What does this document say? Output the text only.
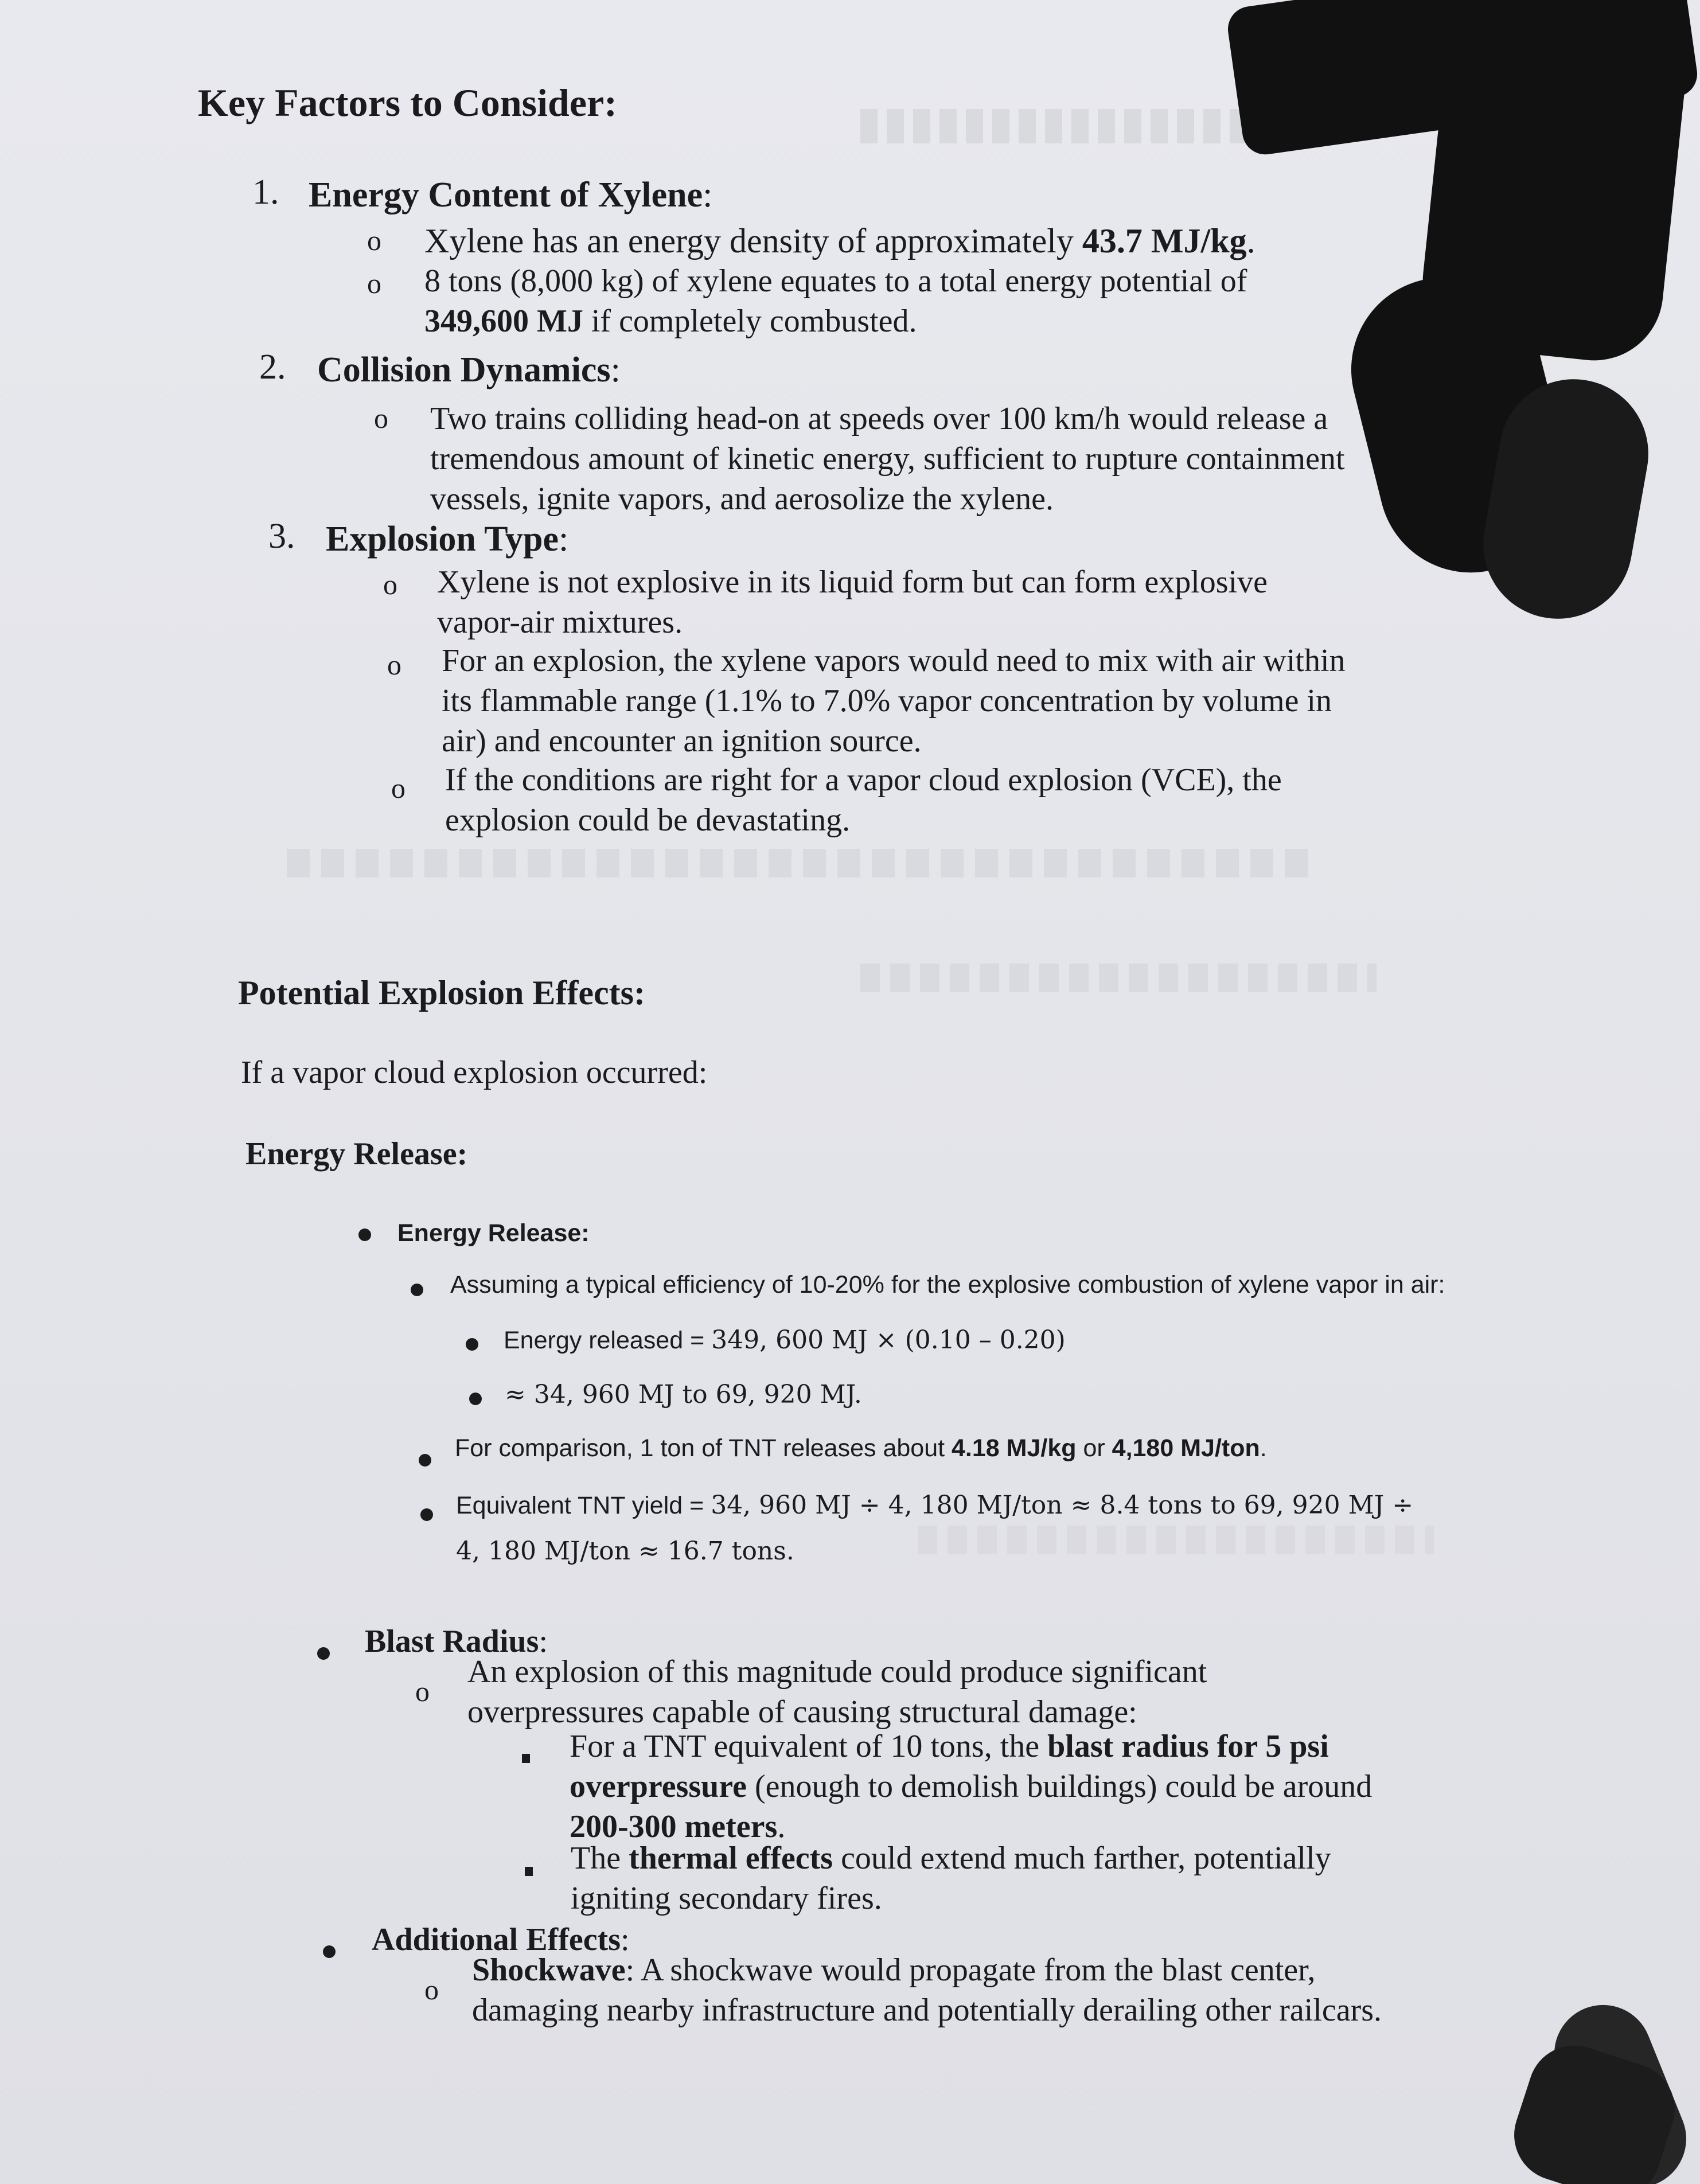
Key Factors to Consider:
1. Energy Content of Xylene:
o Xylene has an energy density of approximately 43.7 MJ/kg.
o 8 tons (8,000 kg) of xylene equates to a total energy potential of
349,600 MJ if completely combusted.
2. Collision Dynamics:
o Two trains colliding head-on at speeds over 100 km/h would release a
tremendous amount of kinetic energy, sufficient to rupture containment
vessels, ignite vapors, and aerosolize the xylene.
3. Explosion Type:
o Xylene is not explosive in its liquid form but can form explosive
vapor-air mixtures.
o For an explosion, the xylene vapors would need to mix with air within
its flammable range (1.1% to 7.0% vapor concentration by volume in
air) and encounter an ignition source.
o If the conditions are right for a vapor cloud explosion (VCE), the
explosion could be devastating.
Potential Explosion Effects:
If a vapor cloud explosion occurred:
Energy Release:
Energy Release:
Assuming a typical efficiency of 10-20% for the explosive combustion of xylene vapor in air:
Energy released = 349, 600 MJ × (0.10 – 0.20)
≈ 34, 960 MJ to 69, 920 MJ.
For comparison, 1 ton of TNT releases about 4.18 MJ/kg or 4,180 MJ/ton.
Equivalent TNT yield = 34, 960 MJ ÷ 4, 180 MJ/ton ≈ 8.4 tons to 69, 920 MJ ÷
4, 180 MJ/ton ≈ 16.7 tons.
Blast Radius:
o
An explosion of this magnitude could produce significant
overpressures capable of causing structural damage:
For a TNT equivalent of 10 tons, the blast radius for 5 psi
overpressure (enough to demolish buildings) could be around
200-300 meters.
The thermal effects could extend much farther, potentially
igniting secondary fires.
Additional Effects:
o
Shockwave: A shockwave would propagate from the blast center,
damaging nearby infrastructure and potentially derailing other railcars.
